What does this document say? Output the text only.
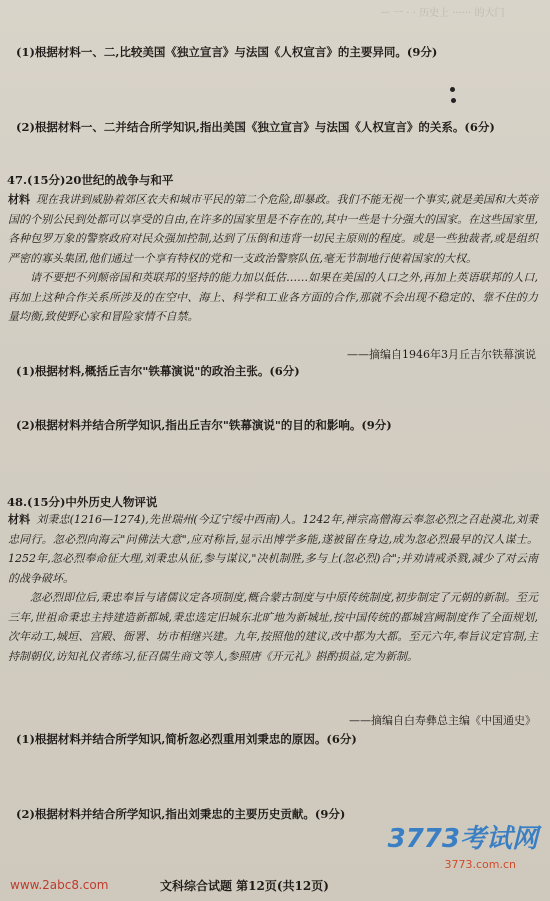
ー 一 · · 历史上 ······ 的大门
(1)根据材料一、二,比较美国《独立宣言》与法国《人权宣言》的主要异同。(9分)
(2)根据材料一、二并结合所学知识,指出美国《独立宣言》与法国《人权宣言》的关系。(6分)
47.(15分)20世纪的战争与和平

材料 现在我讲到威胁着郊区农夫和城市平民的第二个危险,即暴政。我们不能无视一个事实,就是美国和大英帝国的个别公民到处都可以享受的自由,在许多的国家里是不存在的,其中一些是十分强大的国家。在这些国家里,各种包罗万象的警察政府对民众强加控制,达到了压倒和违背一切民主原则的程度。或是一些独裁者,或是组织严密的寡头集团,他们通过一个享有特权的党和一支政治警察队伍,毫无节制地行使着国家的大权。

请不要把不列颠帝国和英联邦的坚持的能力加以低估……如果在美国的人口之外,再加上英语联邦的人口,再加上这种合作关系所涉及的在空中、海上、科学和工业各方面的合作,那就不会出现不稳定的、靠不住的力量均衡,致使野心家和冒险家情不自禁。

——摘编自1946年3月丘吉尔铁幕演说
(1)根据材料,概括丘吉尔"铁幕演说"的政治主张。(6分)
(2)根据材料并结合所学知识,指出丘吉尔"铁幕演说"的目的和影响。(9分)
48.(15分)中外历史人物评说

材料 刘秉忠(1216—1274),先世瑞州(今辽宁绥中西南)人。1242年,禅宗高僧海云奉忽必烈之召赴漠北,刘秉忠同行。忽必烈向海云"问佛法大意",应对称旨,显示出博学多能,遂被留在身边,成为忽必烈最早的汉人谋士。1252年,忽必烈奉命征大理,刘秉忠从征,参与谋议,"决机制胜,多与上(忽必烈)合";并劝请戒杀戮,减少了对云南的战争破坏。

忽必烈即位后,秉忠奉旨与诸儒议定各项制度,概合蒙古制度与中原传统制度,初步制定了元朝的新制。至元三年,世祖命秉忠主持建造新都城,秉忠选定旧城东北旷地为新城址,按中国传统的都城宫阙制度作了全面规划,次年动工,城垣、宫殿、衙署、坊市相继兴建。九年,按照他的建议,改中都为大都。至元六年,奉旨议定官制,主持制朝仪,访知礼仪者练习,征召儒生商文等人,参照唐《开元礼》斟酌损益,定为新制。

——摘编自白寿彝总主编《中国通史》
(1)根据材料并结合所学知识,简析忽必烈重用刘秉忠的原因。(6分)
(2)根据材料并结合所学知识,指出刘秉忠的主要历史贡献。(9分)
3773考试网
3773.com.cn
www.2abc8.com	文科综合试题 第12页(共12页)
